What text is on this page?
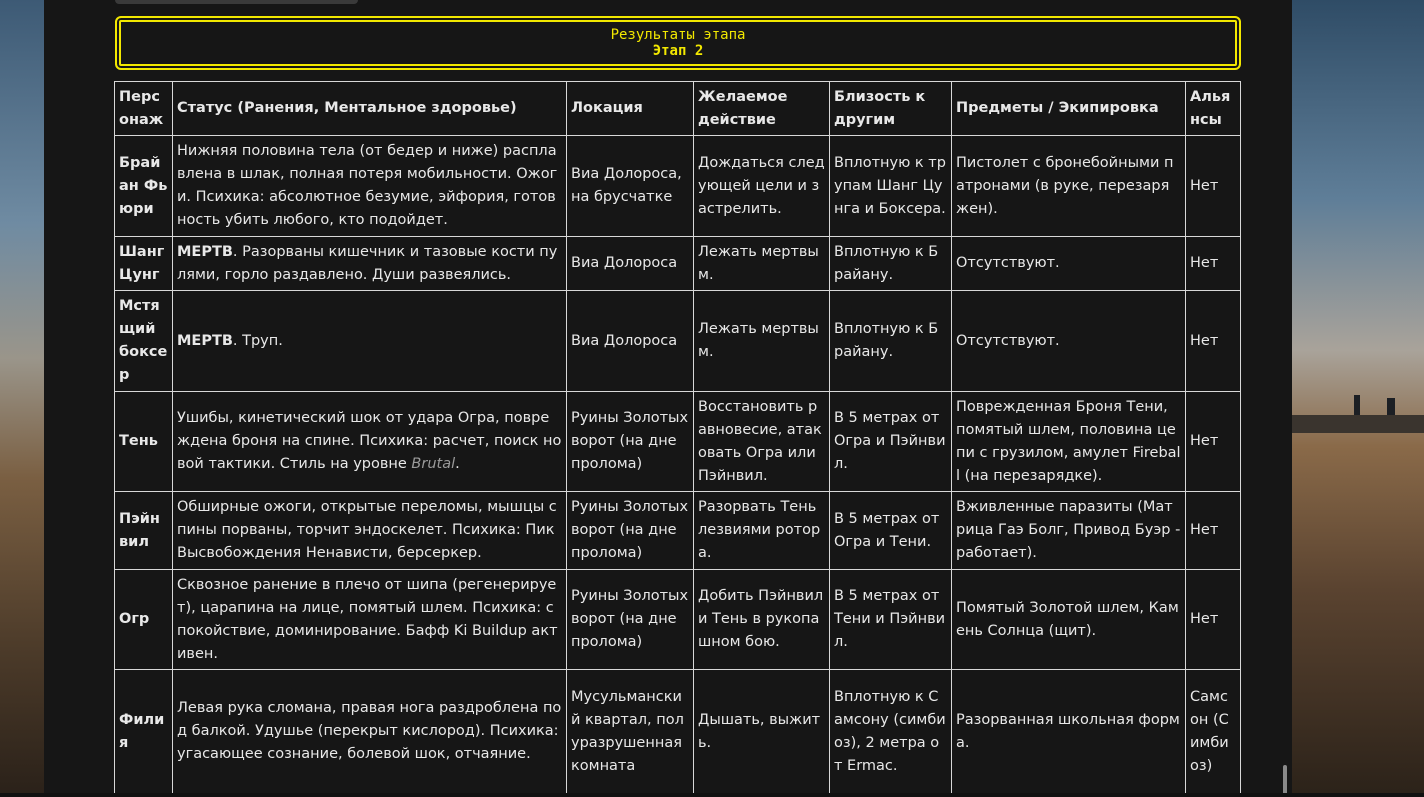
Результаты этапа
Этап 2
Персонаж	Статус (Ранения, Ментальное здоровье)	Локация	Желаемое действие	Близость к другим	Предметы / Экипировка	Альянсы
Брайан Фьюри	Нижняя половина тела (от бедер и ниже) расплавлена в шлак, полная потеря мобильности. Ожоги. Психика: абсолютное безумие, эйфория, готовность убить любого, кто подойдет.	Виа Долороса, на брусчатке	Дождаться следующей цели и застрелить.	Вплотную к трупам Шанг Цунга и Боксера.	Пистолет с бронебойными патронами (в руке, перезаряжен).	Нет
Шанг Цунг	МЕРТВ. Разорваны кишечник и тазовые кости пулями, горло раздавлено. Души развеялись.	Виа Долороса	Лежать мертвым.	Вплотную к Брайану.	Отсутствуют.	Нет
Мстящий боксер	МЕРТВ. Труп.	Виа Долороса	Лежать мертвым.	Вплотную к Брайану.	Отсутствуют.	Нет
Тень	Ушибы, кинетический шок от удара Огра, повреждена броня на спине. Психика: расчет, поиск новой тактики. Стиль на уровне Brutal.	Руины Золотых ворот (на дне пролома)	Восстановить равновесие, атаковать Огра или Пэйнвил.	В 5 метрах от Огра и Пэйнвил.	Поврежденная Броня Тени, помятый шлем, половина цепи с грузилом, амулет Fireball (на перезарядке).	Нет
Пэйнвил	Обширные ожоги, открытые переломы, мышцы спины порваны, торчит эндоскелет. Психика: Пик Высвобождения Ненависти, берсеркер.	Руины Золотых ворот (на дне пролома)	Разорвать Тень лезвиями ротора.	В 5 метрах от Огра и Тени.	Вживленные паразиты (Матрица Гаэ Болг, Привод Буэр - работает).	Нет
Огр	Сквозное ранение в плечо от шипа (регенерирует), царапина на лице, помятый шлем. Психика: спокойствие, доминирование. Бафф Ki Buildup активен.	Руины Золотых ворот (на дне пролома)	Добить Пэйнвил и Тень в рукопашном бою.	В 5 метрах от Тени и Пэйнвил.	Помятый Золотой шлем, Камень Солнца (щит).	Нет
Филия	Левая рука сломана, правая нога раздроблена под балкой. Удушье (перекрыт кислород). Психика: угасающее сознание, болевой шок, отчаяние.	Мусульманский квартал, полуразрушенная комната	Дышать, выжить.	Вплотную к Самсону (симбиоз), 2 метра от Ermac.	Разорванная школьная форма.	Самсон (Симбиоз)
